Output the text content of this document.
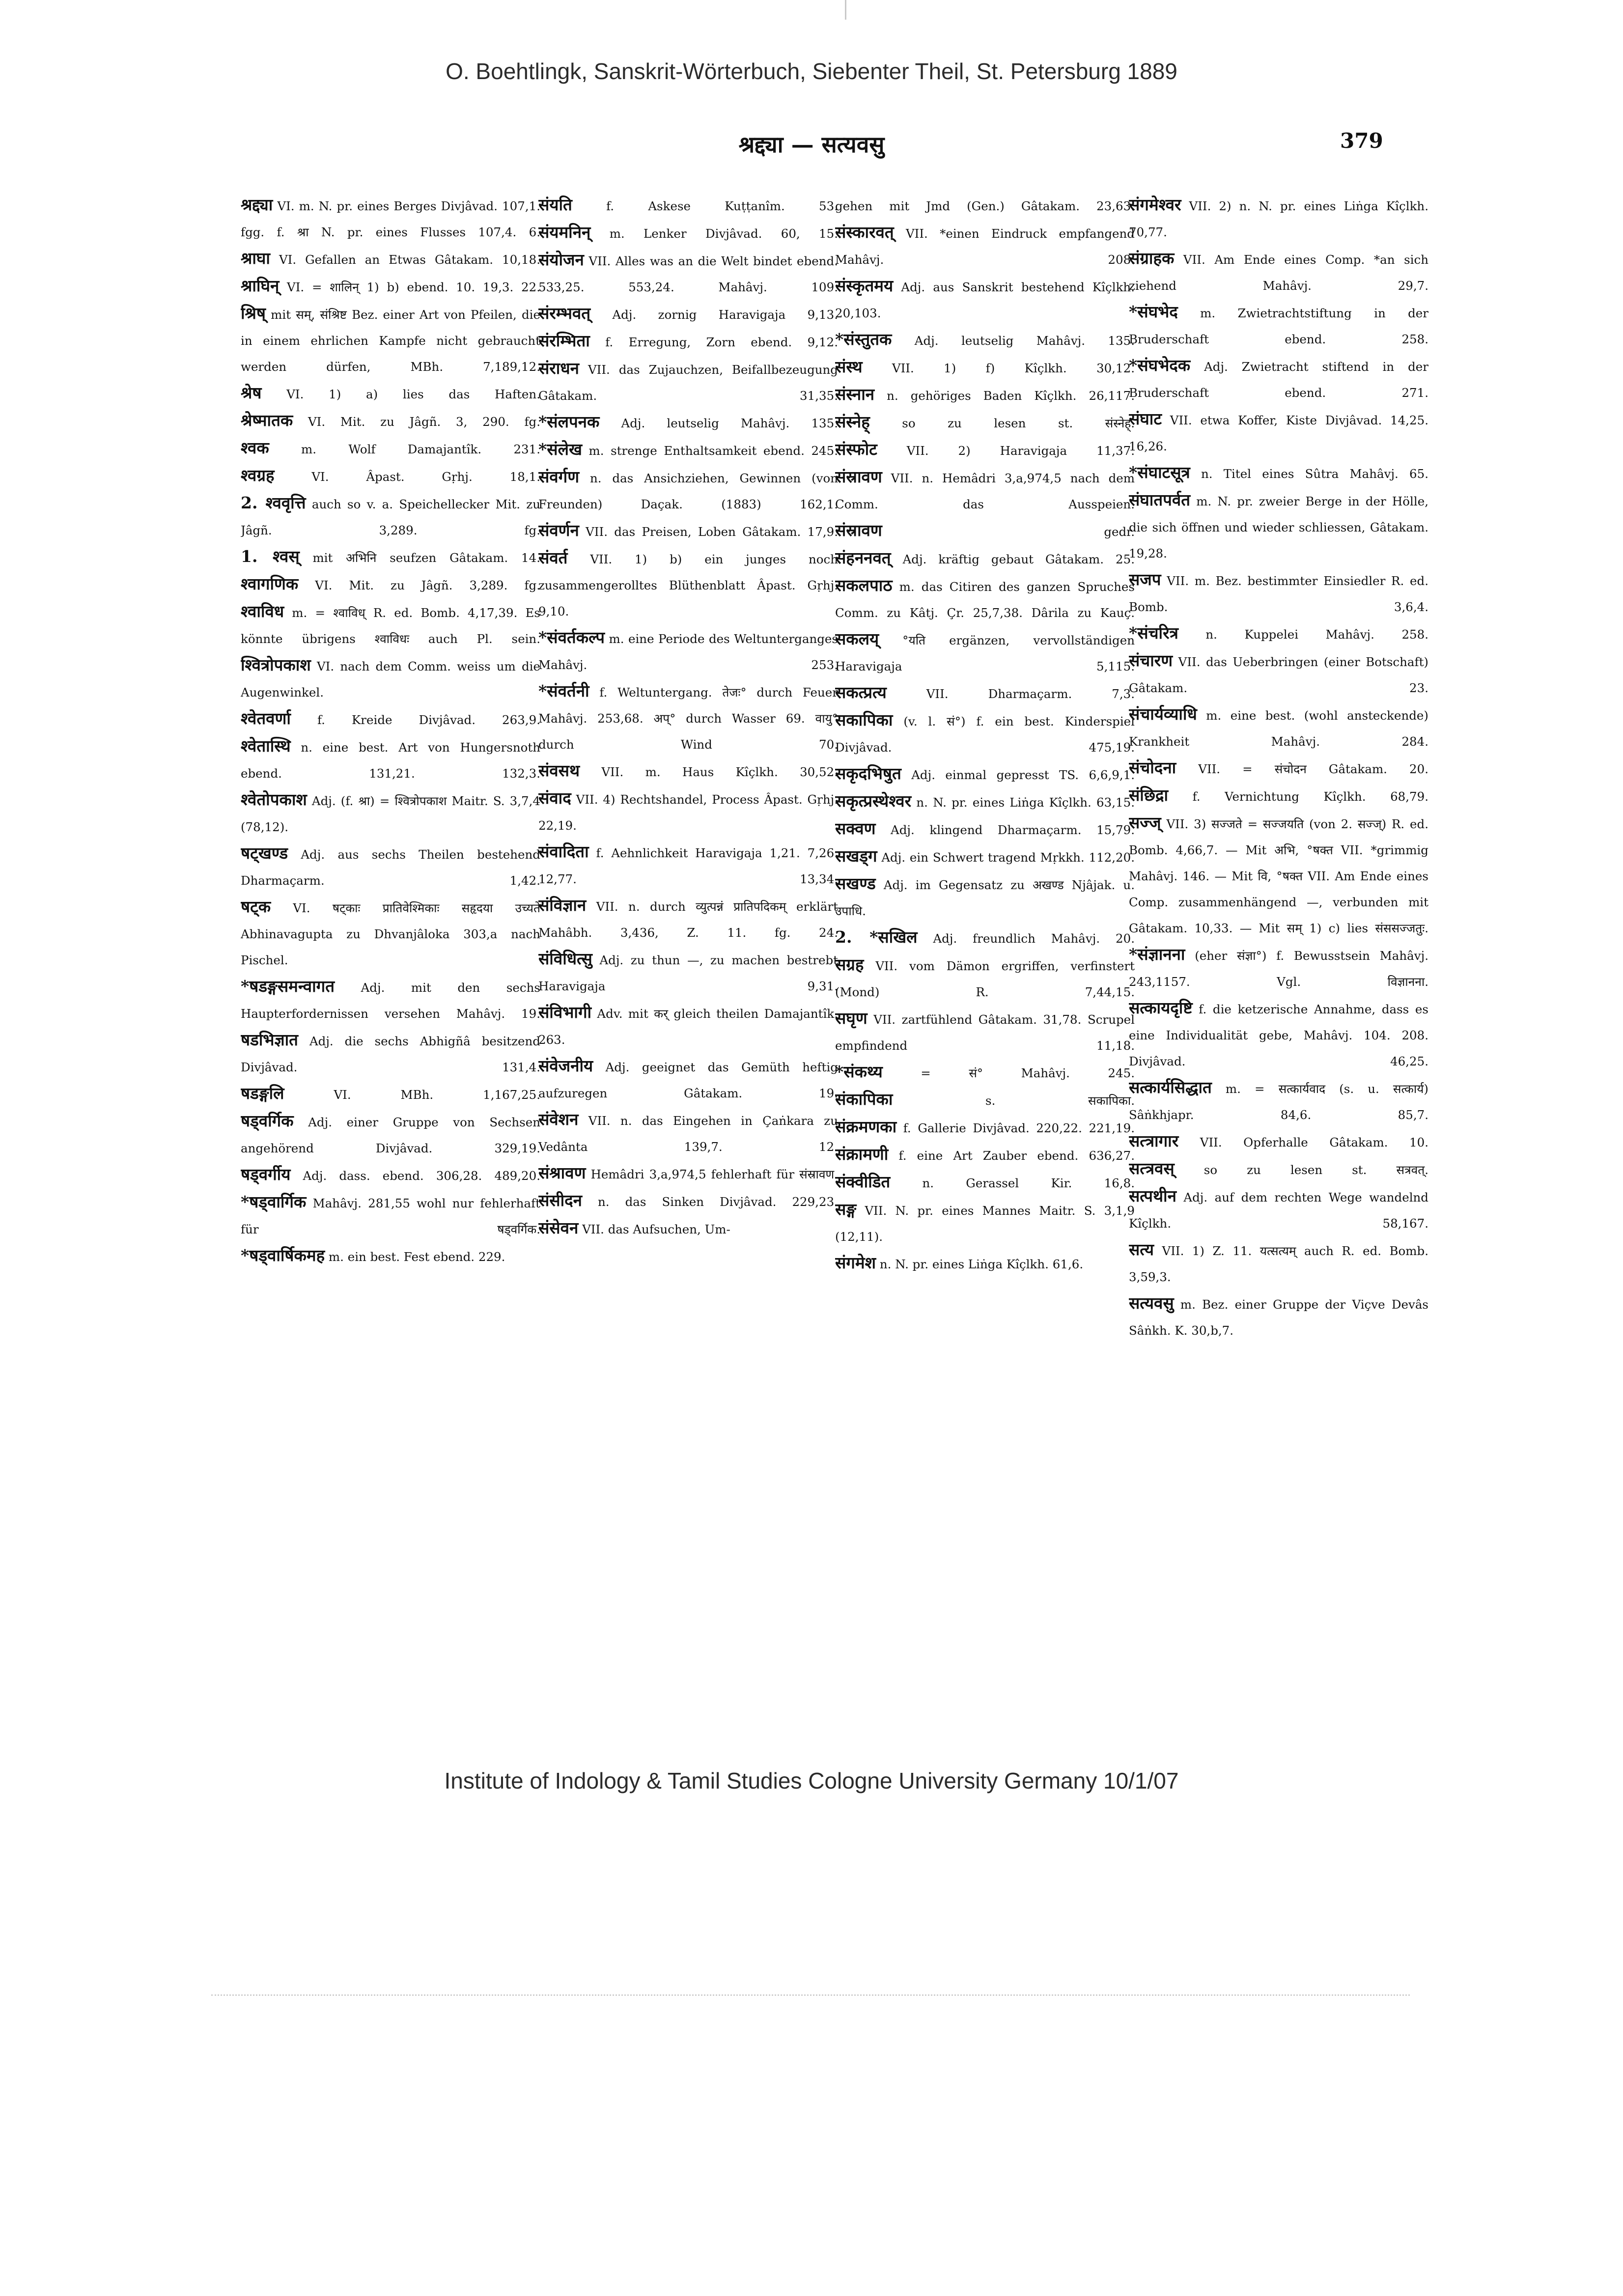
O. Boehtlingk, Sanskrit-Wörterbuch, Siebenter Theil, St. Petersburg 1889
श्रद्द्या — सत्यवसु	379

श्रद्द्या VI. m. N. pr. eines Berges Divjâvad. 107,1. fgg. f. श्रा N. pr. eines Flusses 107,4. 6.

श्राघा VI. Gefallen an Etwas Gâtakam. 10,18.

श्राघिन् VI. = शालिन् 1) b) ebend. 10. 19,3. 22.

श्रिष् mit सम्, संश्रिष्ट Bez. einer Art von Pfeilen, die in einem ehrlichen Kampfe nicht gebraucht werden dürfen, MBh. 7,189,12.

श्रेष VI. 1) a) lies das Haften.

श्रेष्मातक VI. Mit. zu Jâgñ. 3, 290. fg.

श्वक m. Wolf Damajantîk. 231.

श्वग्रह VI. Âpast. Gṛhj. 18,1.

2. श्ववृत्ति auch so v. a. Speichellecker Mit. zu Jâgñ. 3,289. fg.

1. श्वस् mit अभिनि seufzen Gâtakam. 14.

श्वागणिक VI. Mit. zu Jâgñ. 3,289. fg.

श्वाविध m. = श्वाविध् R. ed. Bomb. 4,17,39. Es könnte übrigens श्वाविधः auch Pl. sein.

श्वित्रोपकाश VI. nach dem Comm. weiss um die Augenwinkel.

श्वेतवर्णा f. Kreide Divjâvad. 263,9.

श्वेतास्थि n. eine best. Art von Hungersnoth ebend. 131,21. 132,3.

श्वेतोपकाश Adj. (f. श्रा) = श्वित्रोपकाश Maitr. S. 3,7,4 (78,12).

षट्खण्ड Adj. aus sechs Theilen bestehend Dharmaçarm. 1,42.

षट्क VI. षट्काः प्रातिवेश्मिकाः सहृदया उच्यते Abhinavagupta zu Dhvanjâloka 303,a nach Pischel.

*षडङ्गसमन्वागत Adj. mit den sechs Haupterfordernissen versehen Mahâvj. 19.

षडभिज्ञात Adj. die sechs Abhigñâ besitzend Divjâvad. 131,4.

षडङ्गलि VI. MBh. 1,167,25.

षड्वर्गिक Adj. einer Gruppe von Sechsen angehörend Divjâvad. 329,19.

षड्वर्गीय Adj. dass. ebend. 306,28. 489,20.

*षड्वार्गिक Mahâvj. 281,55 wohl nur fehlerhaft für षड्वर्गिक.

*षड्वार्षिकमह m. ein best. Fest ebend. 229.

संयति f. Askese Kuṭṭanîm. 53.

संयमनिन् m. Lenker Divjâvad. 60, 15.

संयोजन VII. Alles was an die Welt bindet ebend. 533,25. 553,24. Mahâvj. 109.

संरम्भवत् Adj. zornig Haravigaja 9,13.

संरम्भिता f. Erregung, Zorn ebend. 9,12.

संराधन VII. das Zujauchzen, Beifallbezeugung Gâtakam. 31,35.

*संलपनक Adj. leutselig Mahâvj. 135.

*संलेख m. strenge Enthaltsamkeit ebend. 245.

संवर्गण n. das Ansichziehen, Gewinnen (von Freunden) Daçak. (1883) 162,1.

संवर्णन VII. das Preisen, Loben Gâtakam. 17,9.

संवर्त VII. 1) b) ein junges noch zusammengerolltes Blüthenblatt Âpast. Gṛhj. 9,10.

*संवर्तकल्प m. eine Periode des Weltunterganges Mahâvj. 253.

*संवर्तनी f. Weltuntergang. तेजः° durch Feuer Mahâvj. 253,68. अप्° durch Wasser 69. वायु° durch Wind 70.

संवसथ VII. m. Haus Kîçlkh. 30,52.

संवाद VII. 4) Rechtshandel, Process Âpast. Gṛhj. 22,19.

संवादिता f. Aehnlichkeit Haravigaja 1,21. 7,26. 12,77. 13,34.

संविज्ञान VII. n. durch व्युत्पन्नं प्रातिपदिकम् erklärt Mahâbh. 3,436, Z. 11. fg. 24.

संविधित्सु Adj. zu thun —, zu machen bestrebt Haravigaja 9,31.

संविभागी Adv. mit कर् gleich theilen Damajantîk. 263.

संवेजनीय Adj. geeignet das Gemüth heftig aufzuregen Gâtakam. 19.

संवेशन VII. n. das Eingehen in Çaṅkara zu Vedânta 139,7. 12.

संश्रावण Hemâdri 3,a,974,5 fehlerhaft für संस्रावण.

संसीदन n. das Sinken Divjâvad. 229,23.

संसेवन VII. das Aufsuchen, Um-

gehen mit Jmd (Gen.) Gâtakam. 23,63.

संस्कारवत् VII. *einen Eindruck empfangend Mahâvj. 208.

संस्कृतमय Adj. aus Sanskrit bestehend Kîçlkh. 20,103.

*संस्तुतक Adj. leutselig Mahâvj. 135.

संस्थ VII. 1) f) Kîçlkh. 30,12.

संस्नान n. gehöriges Baden Kîçlkh. 26,117.

संस्नेह् so zu lesen st. संस्नेह्.

संस्फोट VII. 2) Haravigaja 11,37.

संस्रावण VII. n. Hemâdri 3,a,974,5 nach dem Comm. das Ausspeien.

संस्रावण gedr.

संहननवत् Adj. kräftig gebaut Gâtakam. 25.

सकलपाठ m. das Citiren des ganzen Spruches Comm. zu Kâtj. Çr. 25,7,38. Dârila zu Kauç.

सकलय् °यति ergänzen, vervollständigen Haravigaja 5,115.

सकत्प्रत्य VII. Dharmaçarm. 7,3.

सकापिका (v. l. सं°) f. ein best. Kinderspiel Divjâvad. 475,19.

सकृदभिषुत Adj. einmal gepresst TS. 6,6,9,1.

सकृत्प्रस्थेश्वर n. N. pr. eines Liṅga Kîçlkh. 63,15.

सक्वण Adj. klingend Dharmaçarm. 15,79.

सखड्ग Adj. ein Schwert tragend Mṛkkh. 112,20.

सखण्ड Adj. im Gegensatz zu अखण्ड Njâjak. u. उपाधि.

2. *सखिल Adj. freundlich Mahâvj. 20.

सग्रह VII. vom Dämon ergriffen, verfinstert (Mond) R. 7,44,15.

सघृण VII. zartfühlend Gâtakam. 31,78. Scrupel empfindend 11,18.

*संकथ्य = सं° Mahâvj. 245.

संकापिका s. सकापिका.

संक्रमणका f. Gallerie Divjâvad. 220,22. 221,19.

संक्रामणी f. eine Art Zauber ebend. 636,27.

संक्वीडित n. Gerassel Kir. 16,8.

सङ्ग VII. N. pr. eines Mannes Maitr. S. 3,1,9 (12,11).

संगमेश n. N. pr. eines Liṅga Kîçlkh. 61,6.

संगमेश्वर VII. 2) n. N. pr. eines Liṅga Kîçlkh. 70,77.

संग्राहक VII. Am Ende eines Comp. *an sich ziehend Mahâvj. 29,7.

*संघभेद m. Zwietrachtstiftung in der Bruderschaft ebend. 258.

*संघभेदक Adj. Zwietracht stiftend in der Bruderschaft ebend. 271.

संघाट VII. etwa Koffer, Kiste Divjâvad. 14,25. 16,26.

*संघाटसूत्र n. Titel eines Sûtra Mahâvj. 65.

संघातपर्वत m. N. pr. zweier Berge in der Hölle, die sich öffnen und wieder schliessen, Gâtakam. 19,28.

सजप VII. m. Bez. bestimmter Einsiedler R. ed. Bomb. 3,6,4.

*संचरित्र n. Kuppelei Mahâvj. 258.

संचारण VII. das Ueberbringen (einer Botschaft) Gâtakam. 23.

संचार्यव्याधि m. eine best. (wohl ansteckende) Krankheit Mahâvj. 284.

संचोदना VII. = संचोदन Gâtakam. 20.

संछिद्रा f. Vernichtung Kîçlkh. 68,79.

सज्ज् VII. 3) सज्जते = सज्जयति (von 2. सज्ज्) R. ed. Bomb. 4,66,7. — Mit अभि, °षक्त VII. *grimmig Mahâvj. 146. — Mit वि, °षक्त VII. Am Ende eines Comp. zusammenhängend —, verbunden mit Gâtakam. 10,33. — Mit सम् 1) c) lies संससज्जतुः.

*संज्ञानना (eher संज्ञा°) f. Bewusstsein Mahâvj. 243,1157. Vgl. विज्ञानना.

सत्कायदृष्टि f. die ketzerische Annahme, dass es eine Individualität gebe, Mahâvj. 104. 208. Divjâvad. 46,25.

सत्कार्यसिद्धात m. = सत्कार्यवाद (s. u. सत्कार्य) Sâṅkhjapr. 84,6. 85,7.

सत्त्रागार VII. Opferhalle Gâtakam. 10.

सत्त्रवस् so zu lesen st. सत्रवत्.

सत्पथीन Adj. auf dem rechten Wege wandelnd Kîçlkh. 58,167.

सत्य VII. 1) Z. 11. यत्सत्यम् auch R. ed. Bomb. 3,59,3.

सत्यवसु m. Bez. einer Gruppe der Viçve Devâs Sâṅkh. K. 30,b,7.

Institute of Indology & Tamil Studies Cologne University Germany 10/1/07
